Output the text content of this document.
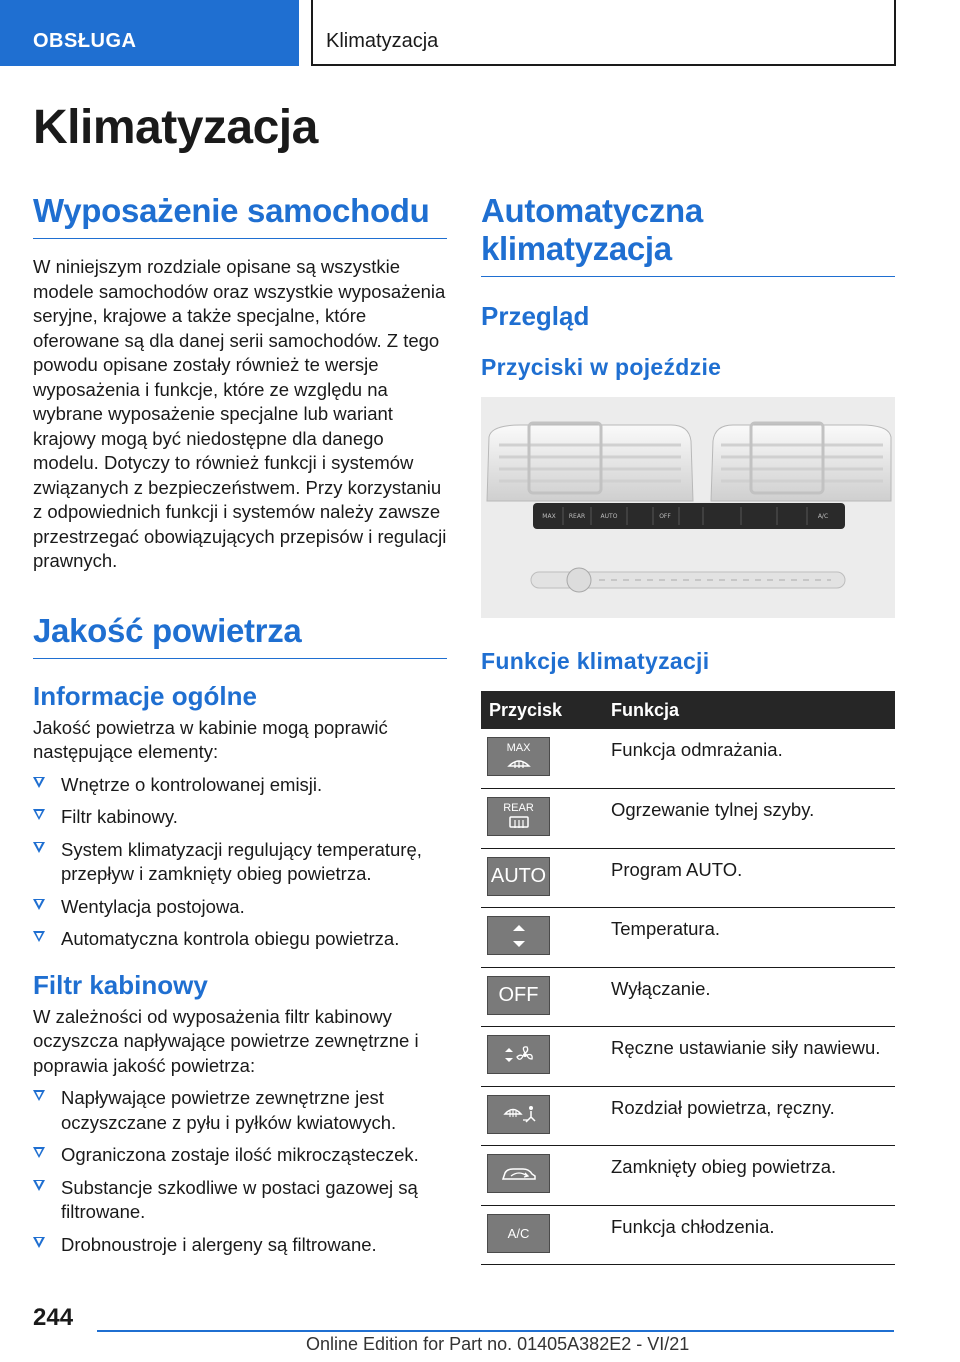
OBSŁUGA	Klimatyzacja
Klimatyzacja
Wyposażenie samochodu
W niniejszym rozdziale opisane są wszystkie modele samochodów oraz wszystkie wyposażenia seryjne, krajowe a także specjalne, które oferowane są dla danej serii samochodów. Z tego powodu opisane zostały również te wersje wyposażenia i funkcje, które ze względu na wybrane wyposażenie specjalne lub wariant krajowy mogą być niedostępne dla danego modelu. Dotyczy to również funkcji i systemów związanych z bezpieczeństwem. Przy korzystaniu z odpowiednich funkcji i systemów należy zawsze przestrzegać obowiązujących przepisów i regulacji prawnych.
Jakość powietrza
Informacje ogólne
Jakość powietrza w kabinie mogą poprawić następujące elementy:
Wnętrze o kontrolowanej emisji.
Filtr kabinowy.
System klimatyzacji regulujący temperaturę, przepływ i zamknięty obieg powietrza.
Wentylacja postojowa.
Automatyczna kontrola obiegu powietrza.
Filtr kabinowy
W zależności od wyposażenia filtr kabinowy oczyszcza napływające powietrze zewnętrzne i poprawia jakość powietrza:
Napływające powietrze zewnętrzne jest oczyszczane z pyłu i pyłków kwiatowych.
Ograniczona zostaje ilość mikrocząsteczek.
Substancje szkodliwe w postaci gazowej są filtrowane.
Drobnoustroje i alergeny są filtrowane.
Automatyczna klimatyzacja
Przegląd
Przyciski w pojeździe
MAX REAR	AUTO	OFF	A/C
Funkcje klimatyzacji
Przycisk	Funkcja

MAX	Funkcja odmrażania.

REAR	Ogrzewanie tylnej szyby.

AUTO	Program AUTO.

	Temperatura.

OFF	Wyłączanie.

	Ręczne ustawianie siły nawiewu.

	Rozdział powietrza, ręczny.

	Zamknięty obieg powietrza.

A/C	Funkcja chłodzenia.
244
Online Edition for Part no. 01405A382E2 - VI/21
